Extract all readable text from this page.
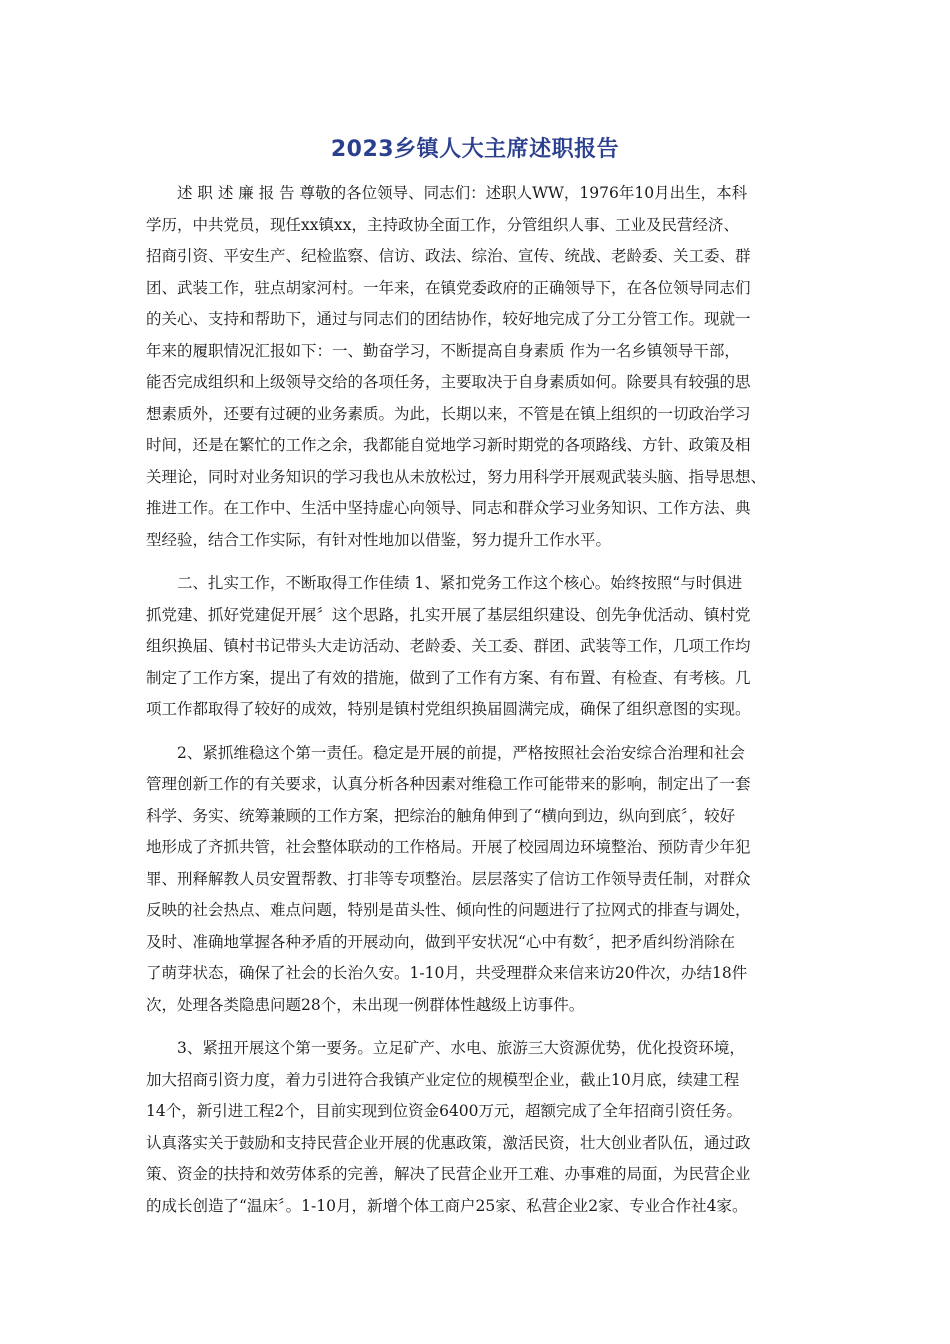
2023乡镇人大主席述职报告
述 职 述 廉 报 告 尊敬的各位领导、同志们：述职人WW，1976年10月出生，本科
学历，中共党员，现任xx镇xx，主持政协全面工作，分管组织人事、工业及民营经济、
招商引资、平安生产、纪检监察、信访、政法、综治、宣传、统战、老龄委、关工委、群
团、武装工作，驻点胡家河村。一年来，在镇党委政府的正确领导下，在各位领导同志们
的关心、支持和帮助下，通过与同志们的团结协作，较好地完成了分工分管工作。现就一
年来的履职情况汇报如下：一、勤奋学习，不断提高自身素质 作为一名乡镇领导干部，
能否完成组织和上级领导交给的各项任务，主要取决于自身素质如何。除要具有较强的思
想素质外，还要有过硬的业务素质。为此，长期以来，不管是在镇上组织的一切政治学习
时间，还是在繁忙的工作之余，我都能自觉地学习新时期党的各项路线、方针、政策及相
关理论，同时对业务知识的学习我也从未放松过，努力用科学开展观武装头脑、指导思想、
推进工作。在工作中、生活中坚持虚心向领导、同志和群众学习业务知识、工作方法、典
型经验，结合工作实际，有针对性地加以借鉴，努力提升工作水平。
二、扎实工作，不断取得工作佳绩 1、紧扣党务工作这个核心。始终按照“与时俱进
抓党建、抓好党建促开展〞这个思路，扎实开展了基层组织建设、创先争优活动、镇村党
组织换届、镇村书记带头大走访活动、老龄委、关工委、群团、武装等工作，几项工作均
制定了工作方案，提出了有效的措施，做到了工作有方案、有布置、有检查、有考核。几
项工作都取得了较好的成效，特别是镇村党组织换届圆满完成，确保了组织意图的实现。
2、紧抓维稳这个第一责任。稳定是开展的前提，严格按照社会治安综合治理和社会
管理创新工作的有关要求，认真分析各种因素对维稳工作可能带来的影响，制定出了一套
科学、务实、统筹兼顾的工作方案，把综治的触角伸到了“横向到边，纵向到底〞，较好
地形成了齐抓共管，社会整体联动的工作格局。开展了校园周边环境整治、预防青少年犯
罪、刑释解教人员安置帮教、打非等专项整治。层层落实了信访工作领导责任制，对群众
反映的社会热点、难点问题，特别是苗头性、倾向性的问题进行了拉网式的排查与调处，
及时、准确地掌握各种矛盾的开展动向，做到平安状况“心中有数〞，把矛盾纠纷消除在
了萌芽状态，确保了社会的长治久安。1-10月，共受理群众来信来访20件次，办结18件
次，处理各类隐患问题28个，未出现一例群体性越级上访事件。
3、紧扭开展这个第一要务。立足矿产、水电、旅游三大资源优势，优化投资环境，
加大招商引资力度，着力引进符合我镇产业定位的规模型企业，截止10月底，续建工程
14个，新引进工程2个，目前实现到位资金6400万元，超额完成了全年招商引资任务。
认真落实关于鼓励和支持民营企业开展的优惠政策，激活民资，壮大创业者队伍，通过政
策、资金的扶持和效劳体系的完善，解决了民营企业开工难、办事难的局面，为民营企业
的成长创造了“温床〞。1-10月，新增个体工商户25家、私营企业2家、专业合作社4家。
